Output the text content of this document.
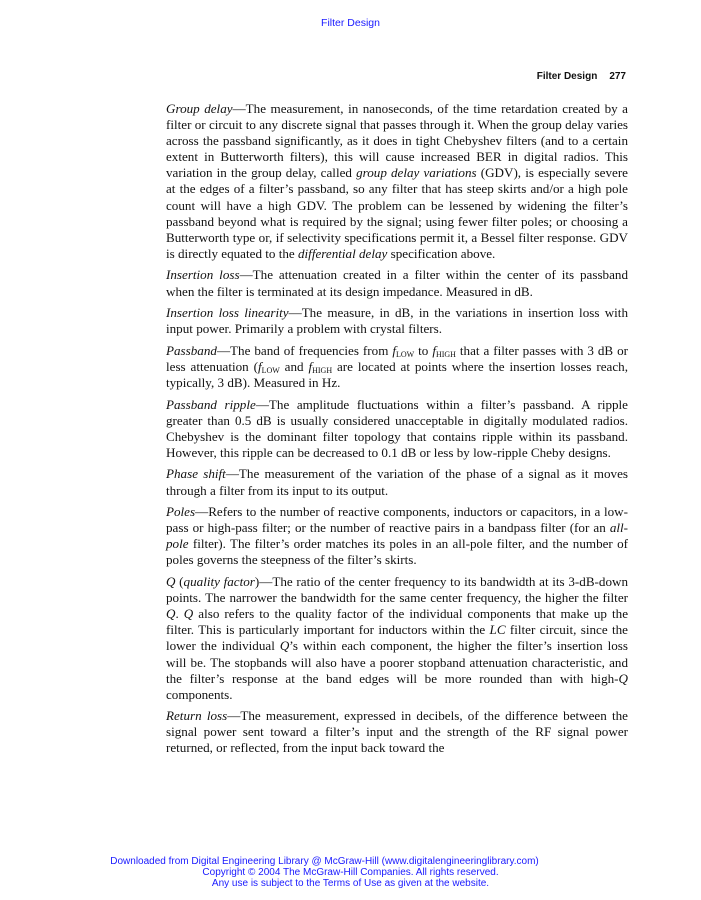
Filter Design
Filter Design 277

Group delay—The measurement, in nanoseconds, of the time retardation created by a filter or circuit to any discrete signal that passes through it. When the group delay varies across the passband significantly, as it does in tight Chebyshev filters (and to a certain extent in Butterworth filters), this will cause increased BER in digital radios. This variation in the group delay, called group delay variations (GDV), is especially severe at the edges of a filter’s passband, so any filter that has steep skirts and/or a high pole count will have a high GDV. The problem can be lessened by widening the filter’s passband beyond what is required by the signal; using fewer filter poles; or choosing a Butterworth type or, if selectivity specifications permit it, a Bessel filter response. GDV is directly equated to the differential delay specification above.

Insertion loss—The attenuation created in a filter within the center of its passband when the filter is terminated at its design impedance. Measured in dB.

Insertion loss linearity—The measure, in dB, in the variations in insertion loss with input power. Primarily a problem with crystal filters.

Passband—The band of frequencies from $f_{LOW}$ to $f_{HIGH}$ that a filter passes with 3 dB or less attenuation ($f_{LOW}$ and $f_{HIGH}$ are located at points where the insertion losses reach, typically, 3 dB). Measured in Hz.

Passband ripple—The amplitude fluctuations within a filter’s passband. A ripple greater than 0.5 dB is usually considered unacceptable in digitally modulated radios. Chebyshev is the dominant filter topology that contains ripple within its passband. However, this ripple can be decreased to 0.1 dB or less by low-ripple Cheby designs.

Phase shift—The measurement of the variation of the phase of a signal as it moves through a filter from its input to its output.

Poles—Refers to the number of reactive components, inductors or capacitors, in a low-pass or high-pass filter; or the number of reactive pairs in a bandpass filter (for an all-pole filter). The filter’s order matches its poles in an all-pole filter, and the number of poles governs the steepness of the filter’s skirts.

Q (quality factor)—The ratio of the center frequency to its bandwidth at its 3-dB-down points. The narrower the bandwidth for the same center frequency, the higher the filter Q. Q also refers to the quality factor of the individual components that make up the filter. This is particularly important for inductors within the LC filter circuit, since the lower the individual Q’s within each component, the higher the filter’s insertion loss will be. The stopbands will also have a poorer stopband attenuation characteristic, and the filter’s response at the band edges will be more rounded than with high-Q components.

Return loss—The measurement, expressed in decibels, of the difference between the signal power sent toward a filter’s input and the strength of the RF signal power returned, or reflected, from the input back toward the

Downloaded from Digital Engineering Library @ McGraw-Hill (www.digitalengineeringlibrary.com)
Copyright © 2004 The McGraw-Hill Companies. All rights reserved.
Any use is subject to the Terms of Use as given at the website.
